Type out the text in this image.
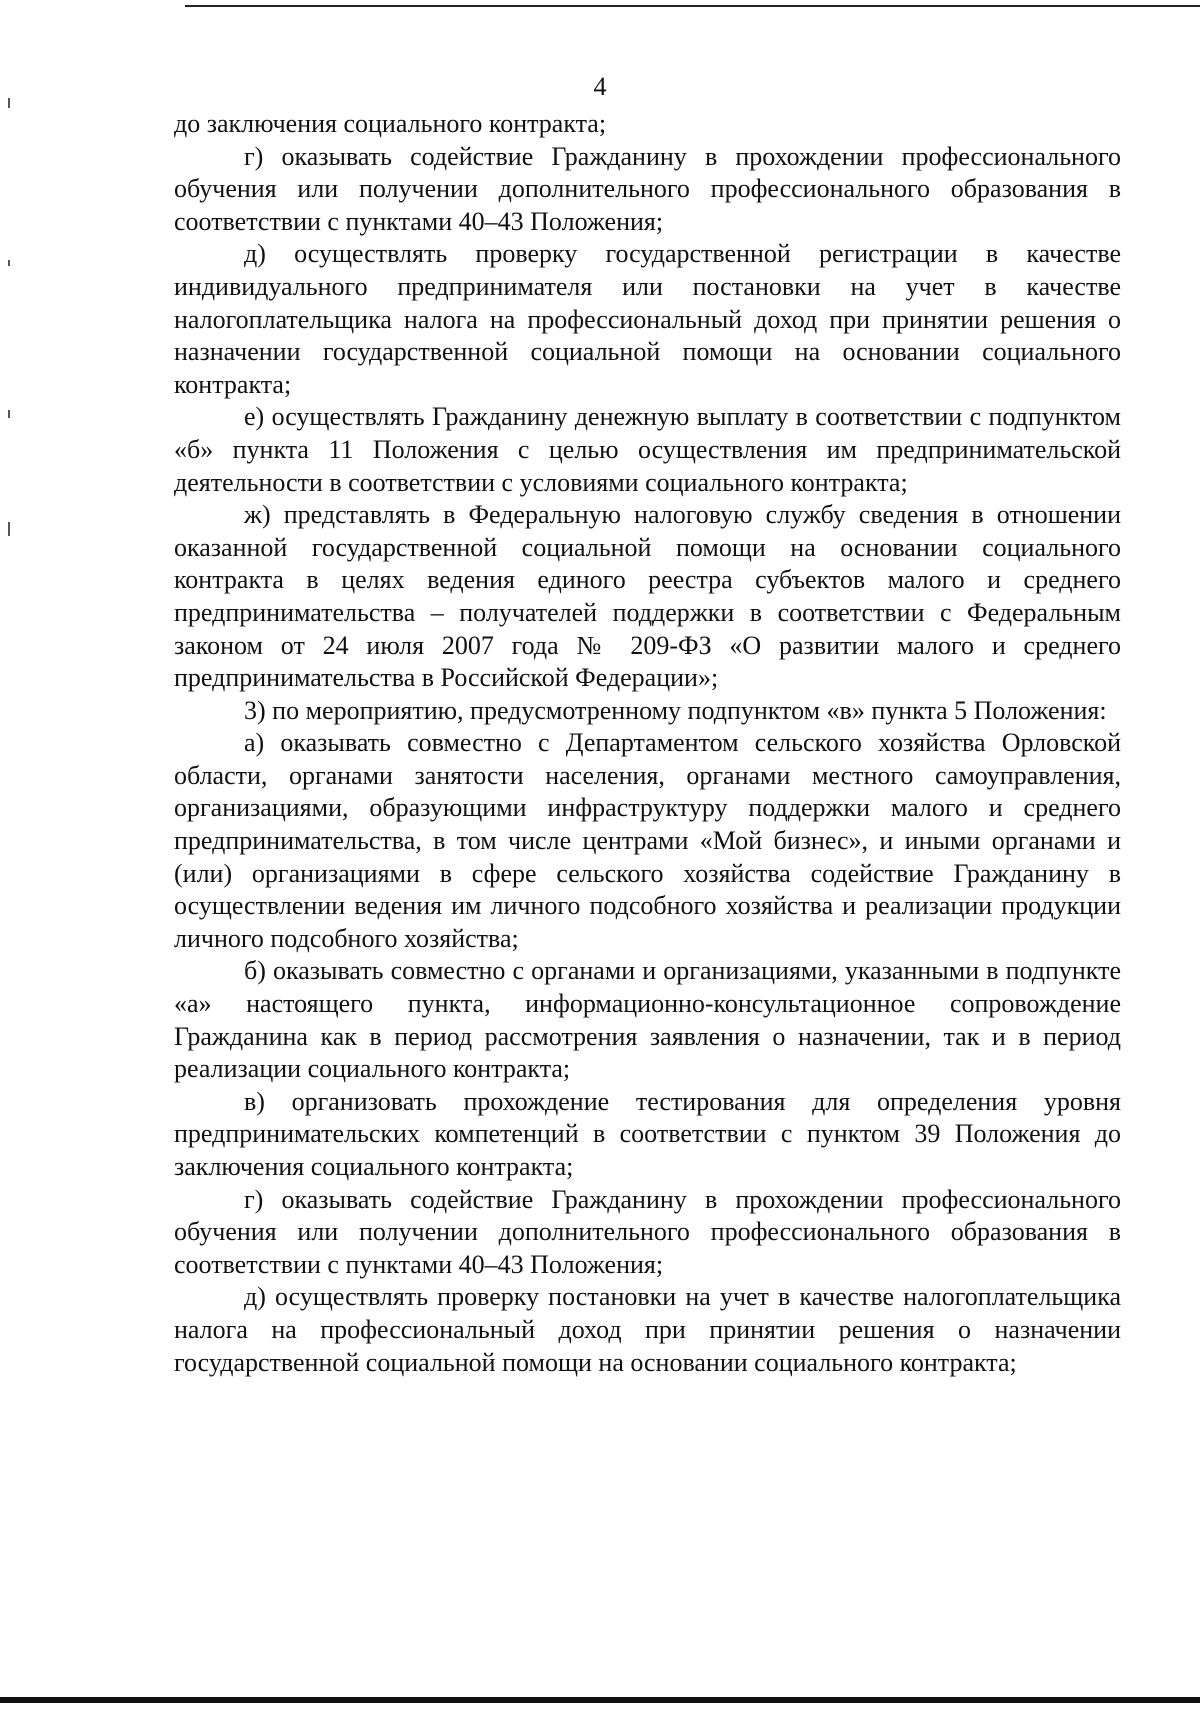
4

до заключения социального контракта;

г) оказывать содействие Гражданину в прохождении профессионального обучения или получении дополнительного профессионального образования в соответствии с пунктами 40–43 Положения;

д) осуществлять проверку государственной регистрации в качестве индивидуального предпринимателя или постановки на учет в качестве налогоплательщика налога на профессиональный доход при принятии решения о назначении государственной социальной помощи на основании социального контракта;

е) осуществлять Гражданину денежную выплату в соответствии с подпунктом «б» пункта 11 Положения с целью осуществления им предпринимательской деятельности в соответствии с условиями социального контракта;

ж) представлять в Федеральную налоговую службу сведения в отношении оказанной государственной социальной помощи на основании социального контракта в целях ведения единого реестра субъектов малого и среднего предпринимательства – получателей поддержки в соответствии с Федеральным законом от 24 июля 2007 года № 209-ФЗ «О развитии малого и среднего предпринимательства в Российской Федерации»;

3) по мероприятию, предусмотренному подпунктом «в» пункта 5 Положения:

а) оказывать совместно с Департаментом сельского хозяйства Орловской области, органами занятости населения, органами местного самоуправления, организациями, образующими инфраструктуру поддержки малого и среднего предпринимательства, в том числе центрами «Мой бизнес», и иными органами и (или) организациями в сфере сельского хозяйства содействие Гражданину в осуществлении ведения им личного подсобного хозяйства и реализации продукции личного подсобного хозяйства;

б) оказывать совместно с органами и организациями, указанными в подпункте «а» настоящего пункта, информационно-консультационное сопровождение Гражданина как в период рассмотрения заявления о назначении, так и в период реализации социального контракта;

в) организовать прохождение тестирования для определения уровня предпринимательских компетенций в соответствии с пунктом 39 Положения до заключения социального контракта;

г) оказывать содействие Гражданину в прохождении профессионального обучения или получении дополнительного профессионального образования в соответствии с пунктами 40–43 Положения;

д) осуществлять проверку постановки на учет в качестве налогоплательщика налога на профессиональный доход при принятии решения о назначении государственной социальной помощи на основании социального контракта;
